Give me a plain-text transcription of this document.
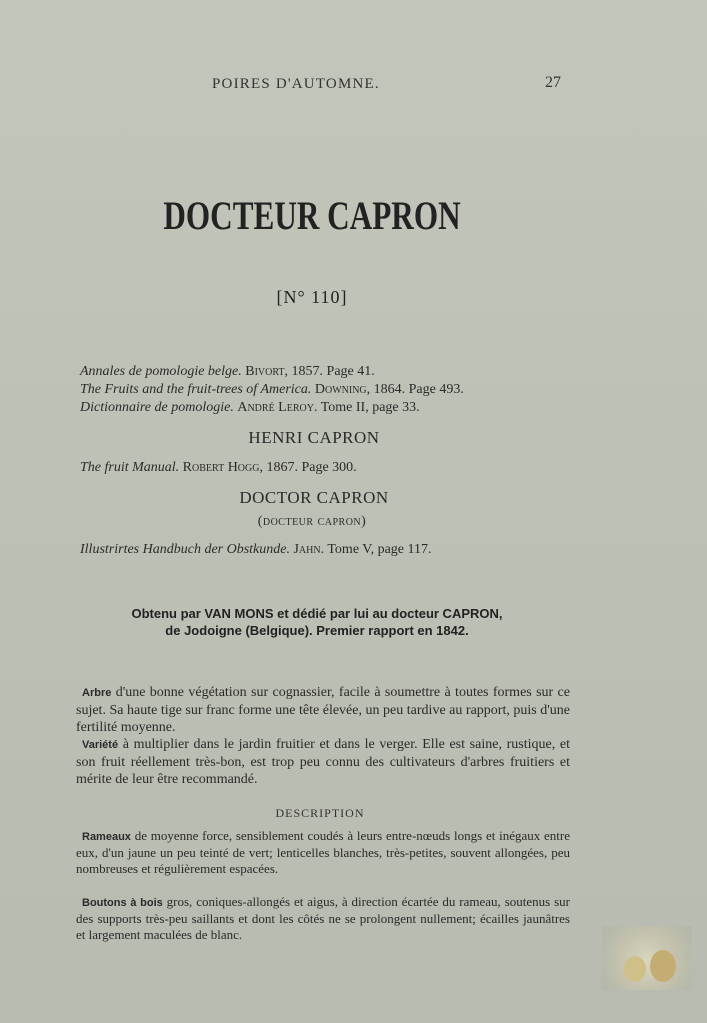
POIRES D'AUTOMNE.	27
DOCTEUR CAPRON
[N° 110]
Annales de pomologie belge. Bivort, 1857. Page 41.
The Fruits and the fruit-trees of America. Downing, 1864. Page 493.
Dictionnaire de pomologie. André Leroy. Tome II, page 33.
HENRI CAPRON
The fruit Manual. Robert Hogg, 1867. Page 300.
DOCTOR CAPRON
(docteur capron)
Illustrirtes Handbuch der Obstkunde. Jahn. Tome V, page 117.
Obtenu par VAN MONS et dédié par lui au docteur CAPRON,
de Jodoigne (Belgique). Premier rapport en 1842.
Arbre d'une bonne végétation sur cognassier, facile à soumettre à toutes formes sur ce sujet. Sa haute tige sur franc forme une tête élevée, un peu tardive au rapport, puis d'une fertilité moyenne.
Variété à multiplier dans le jardin fruitier et dans le verger. Elle est saine, rustique, et son fruit réellement très-bon, est trop peu connu des cultivateurs d'arbres fruitiers et mérite de leur être recommandé.
DESCRIPTION
Rameaux de moyenne force, sensiblement coudés à leurs entre-nœuds longs et inégaux entre eux, d'un jaune un peu teinté de vert; lenticelles blanches, très-petites, souvent allongées, peu nombreuses et régulièrement espacées.
Boutons à bois gros, coniques-allongés et aigus, à direction écartée du rameau, soutenus sur des supports très-peu saillants et dont les côtés ne se prolongent nullement; écailles jaunâtres et largement maculées de blanc.
